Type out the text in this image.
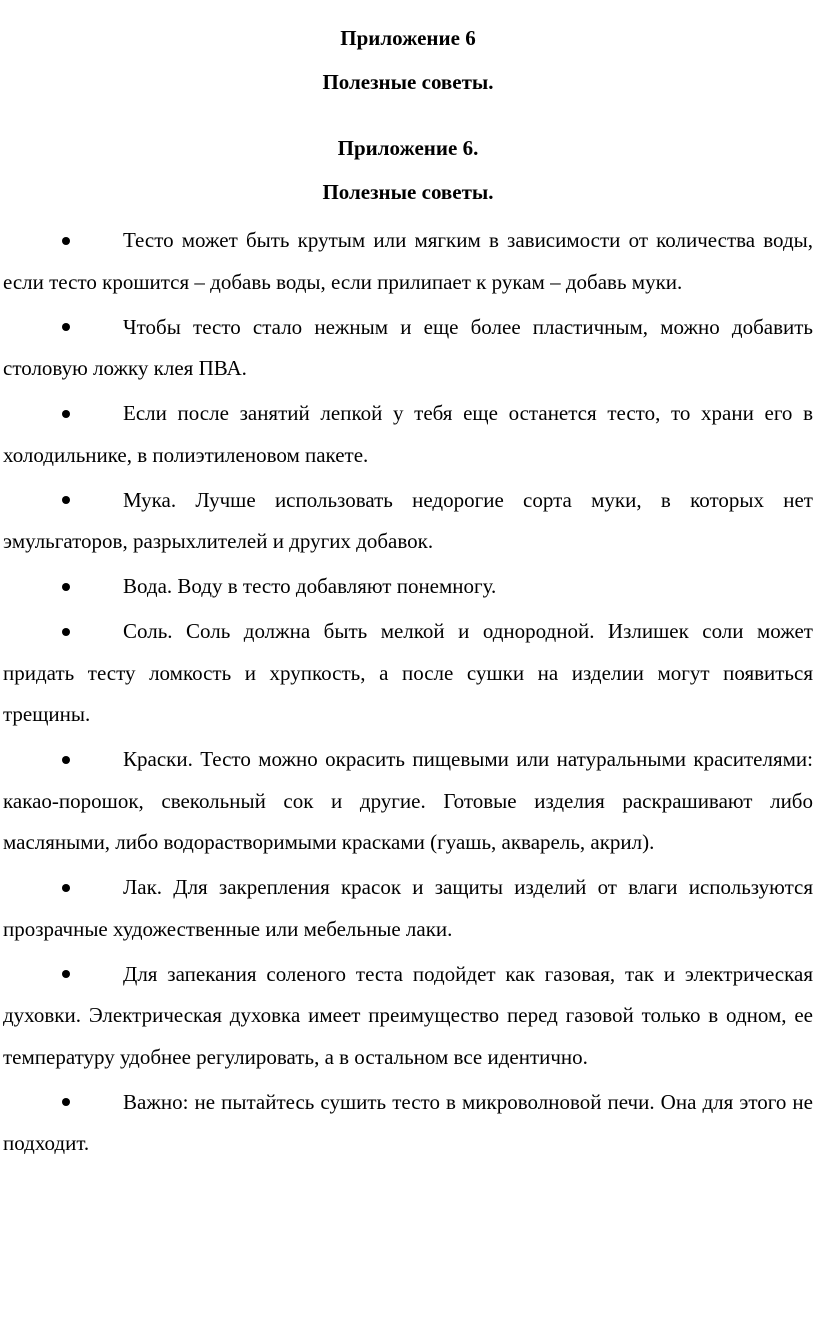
Приложение 6
Полезные советы.
Приложение 6.
Полезные советы.
Тесто может быть крутым или мягким в зависимости от количества воды, если тесто крошится – добавь воды, если прилипает к рукам – добавь муки.
Чтобы тесто стало нежным и еще более пластичным, можно добавить столовую ложку клея ПВА.
Если после занятий лепкой у тебя еще останется тесто, то храни его в холодильнике, в полиэтиленовом пакете.
Мука. Лучше использовать недорогие сорта муки, в которых нет эмульгаторов, разрыхлителей и других добавок.
Вода. Воду в тесто добавляют понемногу.
Соль. Соль должна быть мелкой и однородной. Излишек соли может придать тесту ломкость и хрупкость, а после сушки на изделии могут появиться трещины.
Краски. Тесто можно окрасить пищевыми или натуральными красителями: какао-порошок, свекольный сок и другие. Готовые изделия раскрашивают либо масляными, либо водорастворимыми красками (гуашь, акварель, акрил).
Лак. Для закрепления красок и защиты изделий от влаги используются прозрачные художественные или мебельные лаки.
Для запекания соленого теста подойдет как газовая, так и электрическая духовки. Электрическая духовка имеет преимущество перед газовой только в одном, ее температуру удобнее регулировать, а в остальном все идентично.
Важно: не пытайтесь сушить тесто в микроволновой печи. Она для этого не подходит.
